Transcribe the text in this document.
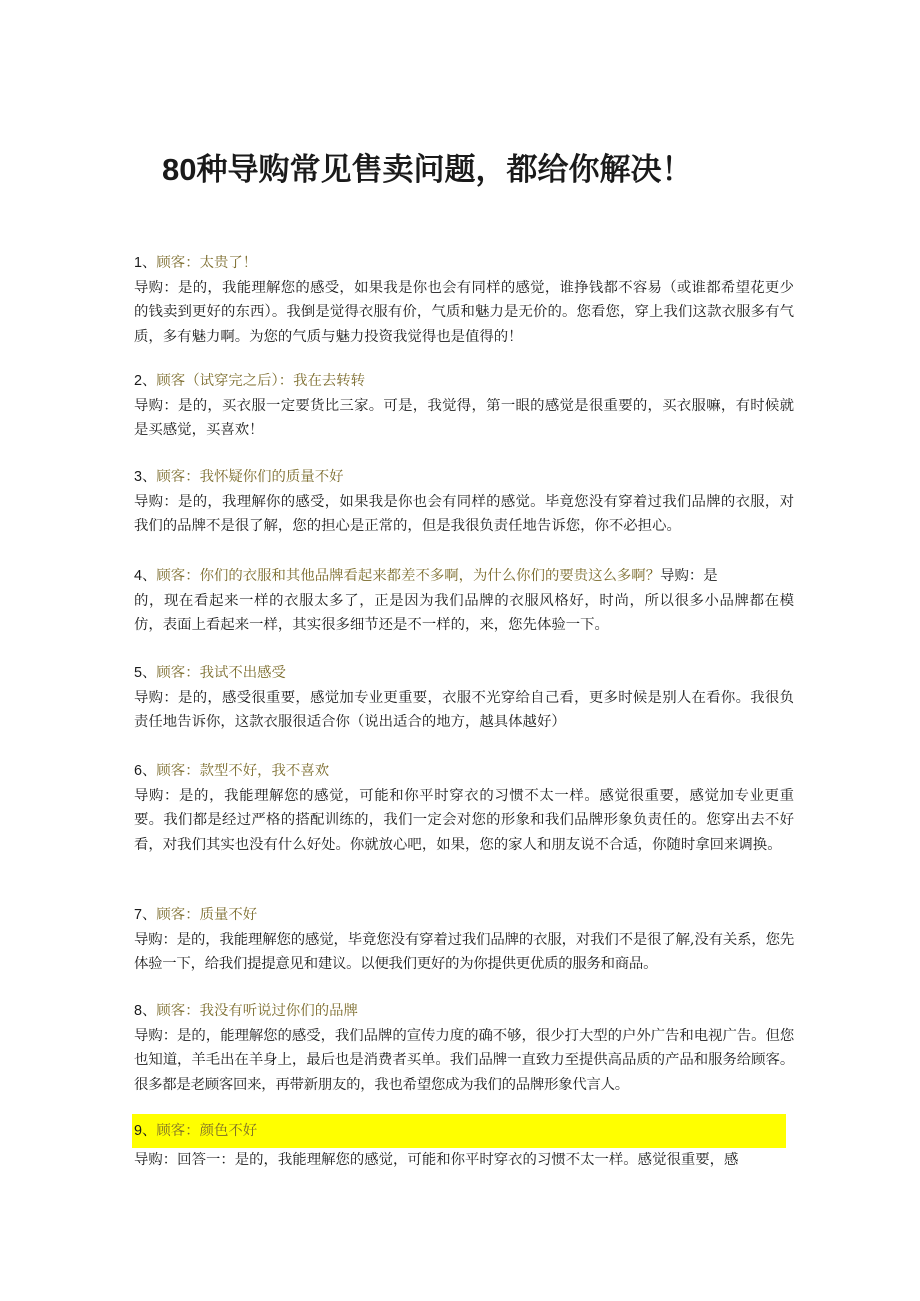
80种导购常见售卖问题，都给你解决！
1、顾客：太贵了！
导购：是的，我能理解您的感受，如果我是你也会有同样的感觉，谁挣钱都不容易（或谁都希望花更少的钱卖到更好的东西）。我倒是觉得衣服有价，气质和魅力是无价的。您看您，穿上我们这款衣服多有气质，多有魅力啊。为您的气质与魅力投资我觉得也是值得的！
2、顾客（试穿完之后）：我在去转转
导购：是的，买衣服一定要货比三家。可是，我觉得，第一眼的感觉是很重要的，买衣服嘛，有时候就是买感觉，买喜欢！
3、顾客：我怀疑你们的质量不好
导购：是的，我理解你的感受，如果我是你也会有同样的感觉。毕竟您没有穿着过我们品牌的衣服，对我们的品牌不是很了解，您的担心是正常的，但是我很负责任地告诉您，你不必担心。
4、顾客：你们的衣服和其他品牌看起来都差不多啊，为什么你们的要贵这么多啊？导购：是
的，现在看起来一样的衣服太多了，正是因为我们品牌的衣服风格好，时尚，所以很多小品牌都在模仿，表面上看起来一样，其实很多细节还是不一样的，来，您先体验一下。
5、顾客：我试不出感受
导购：是的，感受很重要，感觉加专业更重要，衣服不光穿给自己看，更多时候是别人在看你。我很负责任地告诉你，这款衣服很适合你（说出适合的地方，越具体越好）
6、顾客：款型不好，我不喜欢
导购：是的，我能理解您的感觉，可能和你平时穿衣的习惯不太一样。感觉很重要，感觉加专业更重要。我们都是经过严格的搭配训练的，我们一定会对您的形象和我们品牌形象负责任的。您穿出去不好看，对我们其实也没有什么好处。你就放心吧，如果，您的家人和朋友说不合适，你随时拿回来调换。
7、顾客：质量不好
导购：是的，我能理解您的感觉，毕竟您没有穿着过我们品牌的衣服，对我们不是很了解,没有关系，您先体验一下，给我们提提意见和建议。以便我们更好的为你提供更优质的服务和商品。
8、顾客：我没有听说过你们的品牌
导购：是的，能理解您的感受，我们品牌的宣传力度的确不够，很少打大型的户外广告和电视广告。但您也知道，羊毛出在羊身上，最后也是消费者买单。我们品牌一直致力至提供高品质的产品和服务给顾客。很多都是老顾客回来，再带新朋友的，我也希望您成为我们的品牌形象代言人。
9、顾客：颜色不好
导购：回答一：是的，我能理解您的感觉，可能和你平时穿衣的习惯不太一样。感觉很重要，感
